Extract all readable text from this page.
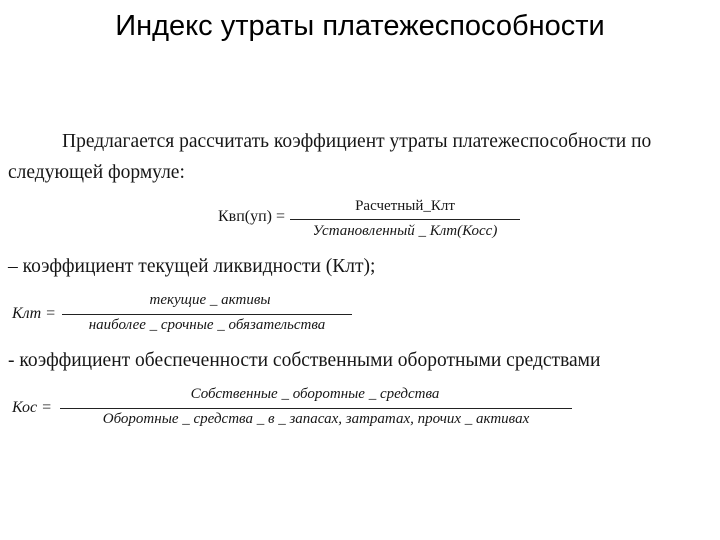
Индекс утраты платежеспособности
Предлагается рассчитать коэффициент утраты платежеспособности по
следующей формуле:
Квп(уп) =
Расчетный_Клт
Установленный _ Клт(Косс)
– коэффициент текущей ликвидности (Клт);
Клт =
текущие _ активы
наиболее _ срочные _ обязательства
- коэффициент обеспеченности собственными оборотными средствами
Кос =
Собственные _ оборотные _ средства
Оборотные _ средства _ в _ запасах, затратах, прочих _ активах
